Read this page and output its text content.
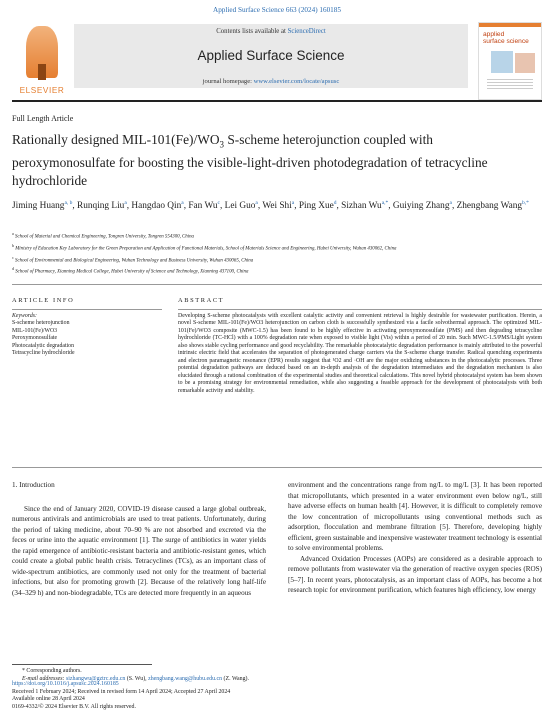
Applied Surface Science 663 (2024) 160185
ELSEVIER
Contents lists available at ScienceDirect
Applied Surface Science
journal homepage: www.elsevier.com/locate/apsusc
applied
surface science
Full Length Article
Rationally designed MIL-$101(Fe)/WO_3$ S-scheme heterojunction coupled with peroxymonosulfate for boosting the visible-light-driven photodegradation of tetracycline hydrochloride
Jiming Huang$^{a, b}$, Runqing Liu$^a$, Hangdao Qin$^a$, Fan Wu$^c$, Lei Guo$^a$, Wei Shi$^a$, Ping Xue$^d$, Sizhan $Wu^{a,*}$, Guiying Zhang$^a$, Zhengbang Wang$^{b,*}$
$^a$ School of Material and Chemical Engineering, Tongren University, Tongren 554300, China
$^b$ Ministry of Education Key Laboratory for the Green Preparation and Application of Functional Materials, School of Materials Science and Engineering, Hubei University, Wuhan 430062, China
$^c$ School of Environmental and Biological Engineering, Wuhan Technology and Business University, Wuhan 430065, China
$^d$ School of Pharmacy, Xianning Medical College, Hubei University of Science and Technology, Xianning 437100, China
ARTICLE INFO	ABSTRACT
Keywords:
S-scheme heterojunction
MIL-101(Fe)/WO3
Peroxymonosulfate
Photocatalytic degradation
Tetracycline hydrochloride
Developing S-scheme photocatalysts with excellent catalytic activity and convenient retrieval is highly desirable for wastewater purification. Herein, a novel S-scheme MIL-101(Fe)/WO3 heterojunction on carbon cloth is successfully synthesized via a facile solvothermal approach. The optimized MIL-101(Fe)/WO3 composite (MWC-1.5) has been found to be highly effective in activating peroxymonosulfate (PMS) and then degrading tetracycline hydrochloride (TC-HCl) with a 100% degradation rate when exposed to visible light (Vis) within a period of 20 min. Such MWC-1.5/PMS/Light system also shows stable cycling performance and good recyclability. The remarkable photocatalytic degradation performance is mainly attributed to the powerful intrinsic electric field that accelerates the separation of photogenerated charge carriers via the S-scheme charge transfer. Radical quenching experiments and electron paramagnetic resonance (EPR) results suggest that ¹O2 and ·OH are the major oxidizing substances in the photocatalytic processes. Three potential degradation pathways are deduced based on an in-depth analysis of the degradation intermediates and the degradation mechanism is also elucidated through a rational combination of the experimental studies and theoretical calculations. This novel hybrid photocatalyst system has been shown to be a promising strategy for environmental remediation, while also suggesting a feasible approach for the development of photocatalysts with both remarkable activity and stability.
1. Introduction
Since the end of January 2020, COVID-19 disease caused a large global outbreak, numerous antivirals and antimicrobials are used to treat patients. Unfortunately, during the period of taking medicine, about 70–90 % are not absorbed and excreted via the feces or urine into the aquatic environment [1]. The surge of antibiotics in water yields the rapid emergence of antibiotic-resistant bacteria and antibiotic-resistant genes, which could create a global public health crisis. Tetracyclines (TCs), as an important class of wide-spectrum antibiotics, are commonly used not only for the treatment of bacterial infections, but also for promoting growth [2]. Because of the relatively long half-life (34–329 h) and non-biodegradable, TCs are detected more frequently in an aqueous
environment and the concentrations range from ng/L to mg/L [3]. It has been reported that micropollutants, which presented in a water environment even below ng/L, still have adverse effects on human health [4]. However, it is difficult to completely remove the low concentration of micropollutants using conventional methods such as adsorption, flocculation and membrane filtration [5]. Therefore, developing highly efficient, green sustainable and inexpensive wastewater treatment technology is essential to solve environmental problems.
Advanced Oxidation Processes (AOPs) are considered as a desirable approach to remove pollutants from wastewater via the generation of reactive oxygen species (ROS) [5–7]. In recent years, photocatalysis, as an important class of AOPs, has become a hot research topic for environment purification, which features high efficiency, low energy
* Corresponding authors.
E-mail addresses: sizhangwu@gztrc.edu.cn (S. Wu), zhengbang.wang@hubu.edu.cn (Z. Wang).
https://doi.org/10.1016/j.apsusc.2024.160185
Received 1 February 2024; Received in revised form 14 April 2024; Accepted 27 April 2024
Available online 28 April 2024
0169-4332/© 2024 Elsevier B.V. All rights reserved.
